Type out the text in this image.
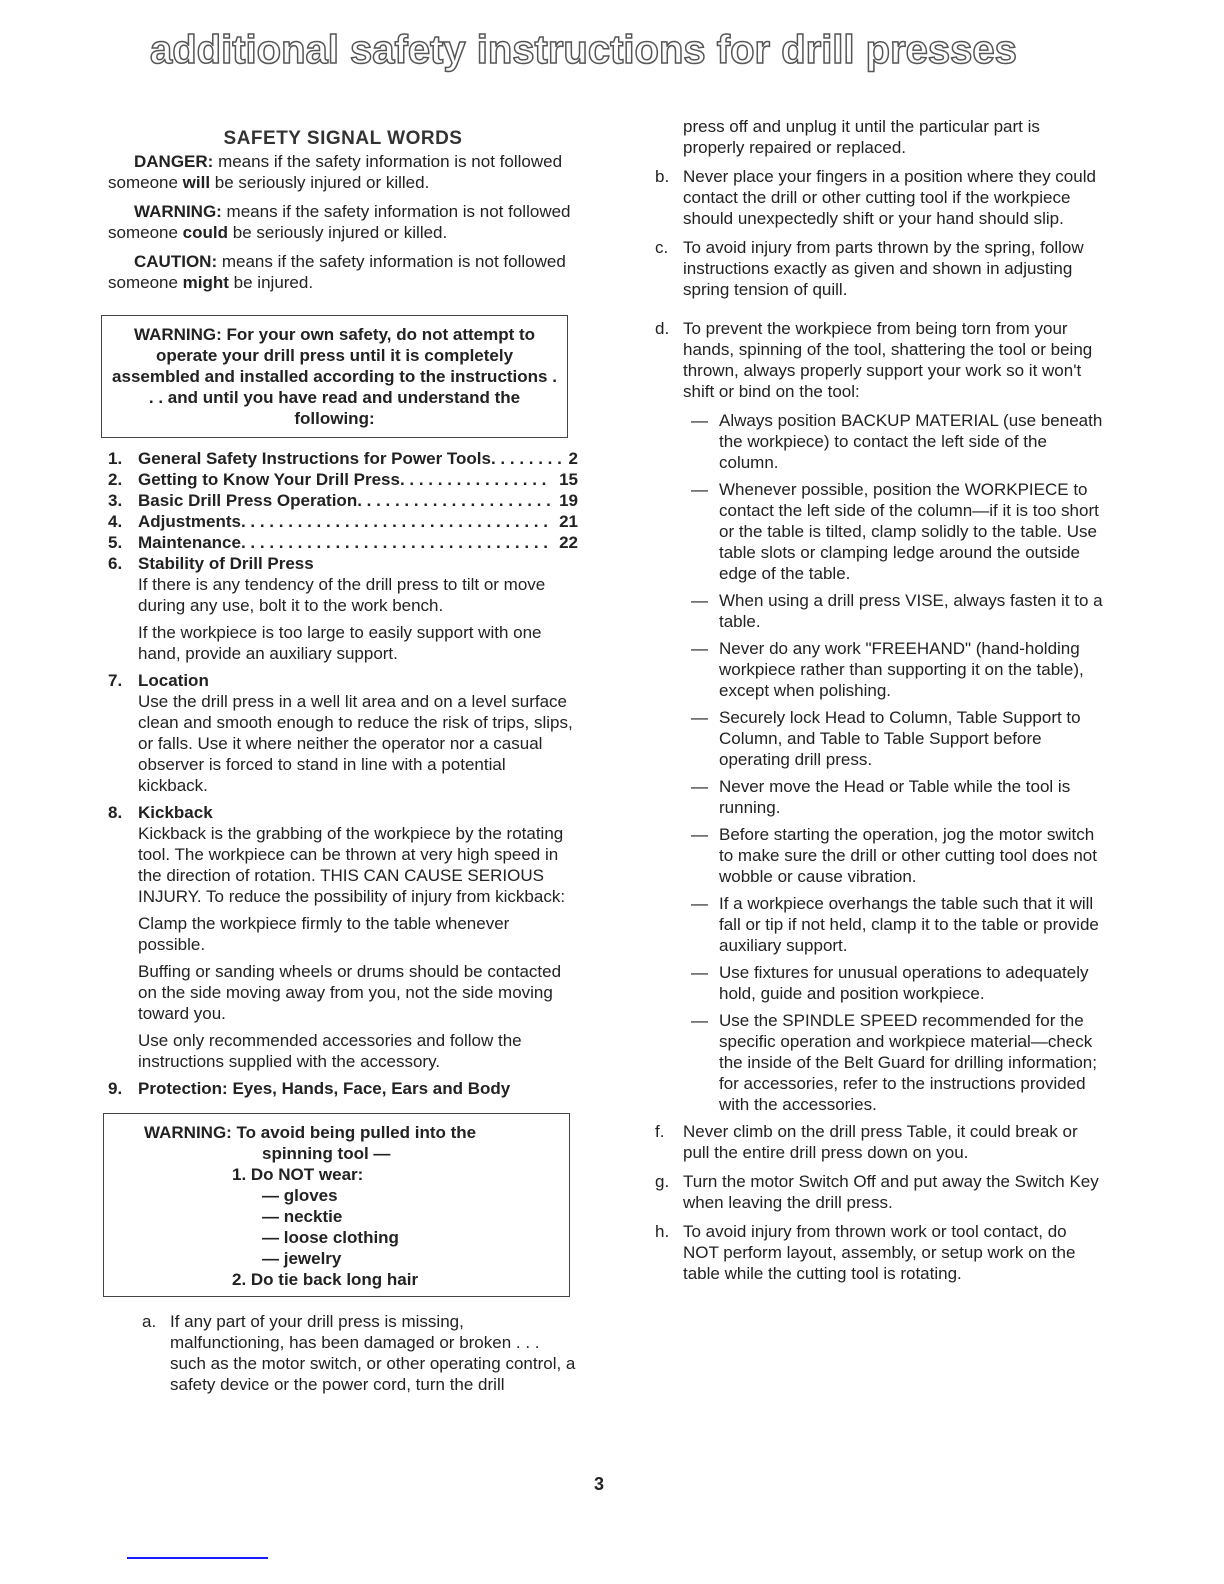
additional safety instructions for drill presses
SAFETY SIGNAL WORDS

DANGER: means if the safety information is not followed someone will be seriously injured or killed.

WARNING: means if the safety information is not followed someone could be seriously injured or killed.

CAUTION: means if the safety information is not followed someone might be injured.

WARNING: For your own safety, do not attempt to operate your drill press until it is completely assembled and installed according to the instructions . . . and until you have read and understand the following:
1. General Safety Instructions for Power Tools . . . . . . . . 2
2. Getting to Know Your Drill Press . . . . . . . . . . . . . . . . 15
3. Basic Drill Press Operation . . . . . . . . . . . . . . . . . . . . . 19
4. Adjustments . . . . . . . . . . . . . . . . . . . . . . . . . . . . . . . . . 21
5. Maintenance . . . . . . . . . . . . . . . . . . . . . . . . . . . . . . . . . 22
6. Stability of Drill Press

If there is any tendency of the drill press to tilt or move during any use, bolt it to the work bench.

If the workpiece is too large to easily support with one hand, provide an auxiliary support.

7. Location

Use the drill press in a well lit area and on a level surface clean and smooth enough to reduce the risk of trips, slips, or falls. Use it where neither the operator nor a casual observer is forced to stand in line with a potential kickback.

8. Kickback

Kickback is the grabbing of the workpiece by the rotating tool. The workpiece can be thrown at very high speed in the direction of rotation. THIS CAN CAUSE SERIOUS INJURY. To reduce the possibility of injury from kickback:

Clamp the workpiece firmly to the table whenever possible.

Buffing or sanding wheels or drums should be contacted on the side moving away from you, not the side moving toward you.

Use only recommended accessories and follow the instructions supplied with the accessory.

9. Protection: Eyes, Hands, Face, Ears and Body
WARNING: To avoid being pulled into the
spinning tool —
1. Do NOT wear:
— gloves
— necktie
— loose clothing
— jewelry
2. Do tie back long hair
a. If any part of your drill press is missing, malfunctioning, has been damaged or broken . . . such as the motor switch, or other operating control, a safety device or the power cord, turn the drill

press off and unplug it until the particular part is properly repaired or replaced.

b. Never place your fingers in a position where they could contact the drill or other cutting tool if the workpiece should unexpectedly shift or your hand should slip.
c. To avoid injury from parts thrown by the spring, follow instructions exactly as given and shown in adjusting spring tension of quill.
d. To prevent the workpiece from being torn from your hands, spinning of the tool, shattering the tool or being thrown, always properly support your work so it won't shift or bind on the tool:
— Always position BACKUP MATERIAL (use beneath the workpiece) to contact the left side of the column.
— Whenever possible, position the WORKPIECE to contact the left side of the column—if it is too short or the table is tilted, clamp solidly to the table. Use table slots or clamping ledge around the outside edge of the table.
— When using a drill press VISE, always fasten it to a table.
— Never do any work "FREEHAND" (hand-holding workpiece rather than supporting it on the table), except when polishing.
— Securely lock Head to Column, Table Support to Column, and Table to Table Support before operating drill press.
— Never move the Head or Table while the tool is running.
— Before starting the operation, jog the motor switch to make sure the drill or other cutting tool does not wobble or cause vibration.
— If a workpiece overhangs the table such that it will fall or tip if not held, clamp it to the table or provide auxiliary support.
— Use fixtures for unusual operations to adequately hold, guide and position workpiece.
— Use the SPINDLE SPEED recommended for the specific operation and workpiece material—check the inside of the Belt Guard for drilling information; for accessories, refer to the instructions provided with the accessories.
f.	Never climb on the drill press Table, it could break or pull the entire drill press down on you.
g. Turn the motor Switch Off and put away the Switch Key when leaving the drill press.
h. To avoid injury from thrown work or tool contact, do NOT perform layout, assembly, or setup work on the table while the cutting tool is rotating.
3
